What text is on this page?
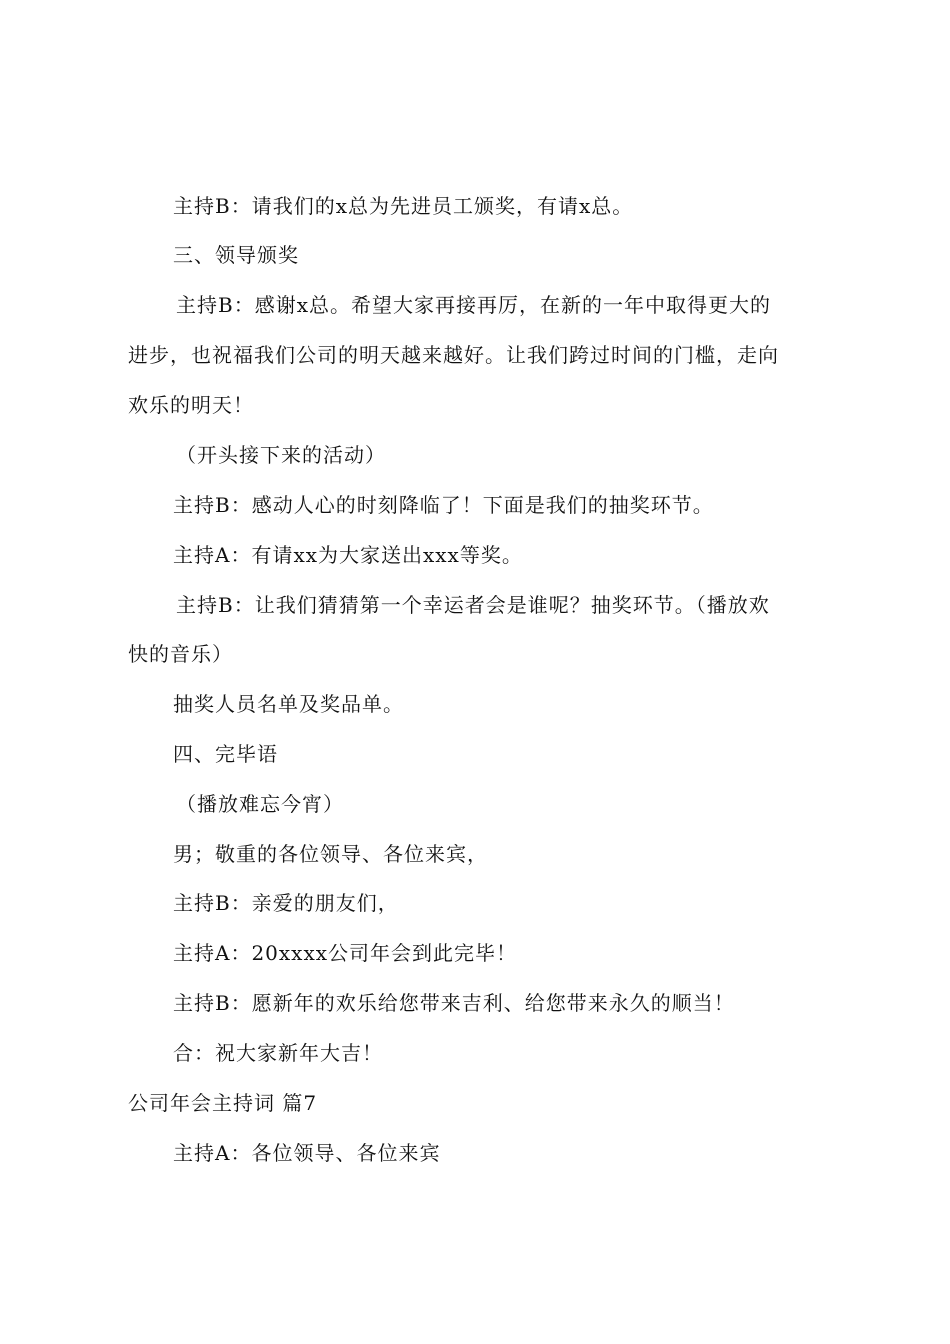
主持B：请我们的x总为先进员工颁奖，有请x总。
三、领导颁奖
主持B：感谢x总。希望大家再接再厉，在新的一年中取得更大的
进步，也祝福我们公司的明天越来越好。让我们跨过时间的门槛，走向
欢乐的明天！
（开头接下来的活动）
主持B：感动人心的时刻降临了！下面是我们的抽奖环节。
主持A：有请xx为大家送出xxx等奖。
主持B：让我们猜猜第一个幸运者会是谁呢？抽奖环节。（播放欢
快的音乐）
抽奖人员名单及奖品单。
四、完毕语
（播放难忘今宵）
男；敬重的各位领导、各位来宾，
主持B：亲爱的朋友们，
主持A：20xxxx公司年会到此完毕！
主持B：愿新年的欢乐给您带来吉利、给您带来永久的顺当！
合：祝大家新年大吉！
公司年会主持词 篇7
主持A：各位领导、各位来宾
